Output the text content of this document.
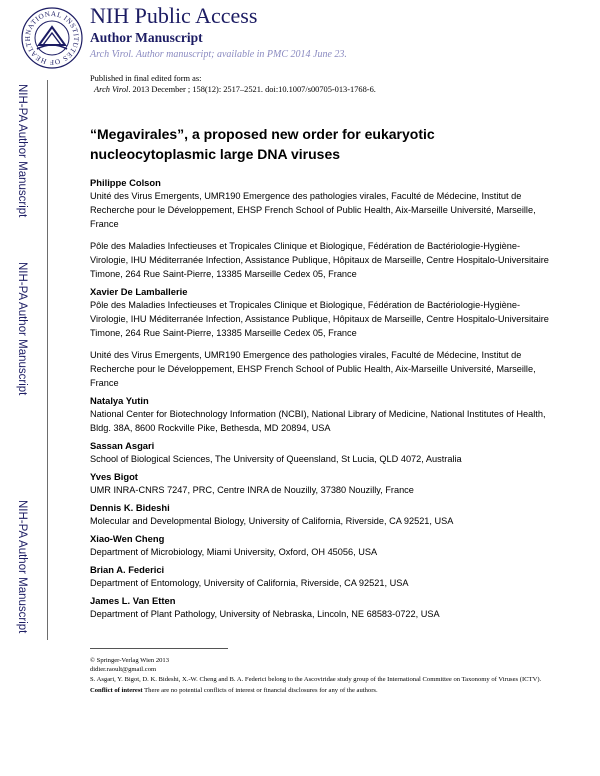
NIH-PA Author Manuscript
NIH-PA Author Manuscript
NIH-PA Author Manuscript
NATIONAL INSTITUTES OF HEALTH
NIH Public Access
Author Manuscript
Arch Virol. Author manuscript; available in PMC 2014 June 23.
Published in final edited form as:
Arch Virol. 2013 December ; 158(12): 2517–2521. doi:10.1007/s00705-013-1768-6.
“Megavirales”, a proposed new order for eukaryotic nucleocytoplasmic large DNA viruses
Philippe Colson
Unité des Virus Emergents, UMR190 Emergence des pathologies virales, Faculté de Médecine, Institut de Recherche pour le Développement, EHSP French School of Public Health, Aix-Marseille Université, Marseille, France
Pôle des Maladies Infectieuses et Tropicales Clinique et Biologique, Fédération de Bactériologie-Hygiène-Virologie, IHU Méditerranée Infection, Assistance Publique, Hôpitaux de Marseille, Centre Hospitalo-Universitaire Timone, 264 Rue Saint-Pierre, 13385 Marseille Cedex 05, France
Xavier De Lamballerie
Pôle des Maladies Infectieuses et Tropicales Clinique et Biologique, Fédération de Bactériologie-Hygiène-Virologie, IHU Méditerranée Infection, Assistance Publique, Hôpitaux de Marseille, Centre Hospitalo-Universitaire Timone, 264 Rue Saint-Pierre, 13385 Marseille Cedex 05, France
Unité des Virus Emergents, UMR190 Emergence des pathologies virales, Faculté de Médecine, Institut de Recherche pour le Développement, EHSP French School of Public Health, Aix-Marseille Université, Marseille, France
Natalya Yutin
National Center for Biotechnology Information (NCBI), National Library of Medicine, National Institutes of Health, Bldg. 38A, 8600 Rockville Pike, Bethesda, MD 20894, USA
Sassan Asgari
School of Biological Sciences, The University of Queensland, St Lucia, QLD 4072, Australia
Yves Bigot
UMR INRA-CNRS 7247, PRC, Centre INRA de Nouzilly, 37380 Nouzilly, France
Dennis K. Bideshi
Molecular and Developmental Biology, University of California, Riverside, CA 92521, USA
Xiao-Wen Cheng
Department of Microbiology, Miami University, Oxford, OH 45056, USA
Brian A. Federici
Department of Entomology, University of California, Riverside, CA 92521, USA
James L. Van Etten
Department of Plant Pathology, University of Nebraska, Lincoln, NE 68583-0722, USA
© Springer-Verlag Wien 2013
didier.raoult@gmail.com
S. Asgari, Y. Bigot, D. K. Bideshi, X.-W. Cheng and B. A. Federici belong to the Ascoviridae study group of the International Committee on Taxonomy of Viruses (ICTV).
Conflict of interest There are no potential conflicts of interest or financial disclosures for any of the authors.
